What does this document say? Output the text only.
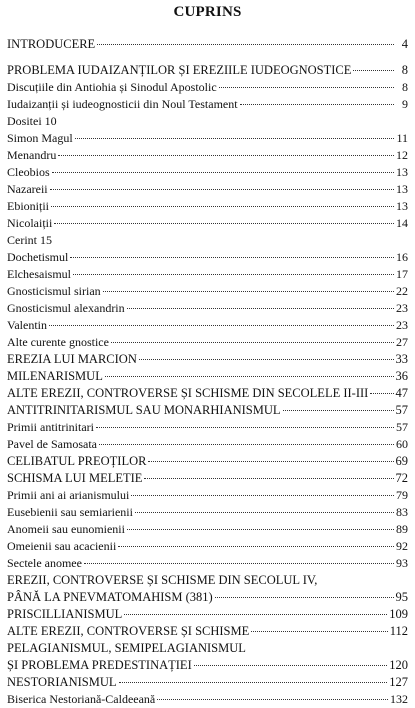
CUPRINS
INTRODUCERE	4
PROBLEMA IUDAIZANȚILOR ȘI EREZIILE IUDEOGNOSTICE	8
Discuțiile din Antiohia și Sinodul Apostolic	8
Iudaizanții și iudeognosticii din Noul Testament	9
Dositei 10
Simon Magul	11
Menandru	12
Cleobios	13
Nazareii	13
Ebioniții	13
Nicolaiții	14
Cerint 15
Dochetismul	16
Elchesaismul	17
Gnosticismul sirian	22
Gnosticismul alexandrin	23
Valentin	23
Alte curente gnostice	27
EREZIA LUI MARCION	33
MILENARISMUL	36
ALTE EREZII, CONTROVERSE ȘI SCHISME DIN SECOLELE II-III 47
ANTITRINITARISMUL SAU MONARHIANISMUL	57
Primii antitrinitari	57
Pavel de Samosata	60
CELIBATUL PREOȚILOR	69
SCHISMA LUI MELETIE	72
Primii ani ai arianismului	79
Eusebienii sau semiarienii	83
Anomeii sau eunomienii	89
Omeienii sau acacienii	92
Sectele anomee	93
EREZII, CONTROVERSE ȘI SCHISME DIN SECOLUL IV,
PÂNĂ LA PNEVMATOMAHISM (381)	95
PRISCILLIANISMUL	109
ALTE EREZII, CONTROVERSE ȘI SCHISME	112
PELAGIANISMUL, SEMIPELAGIANISMUL
ȘI PROBLEMA PREDESTINAȚIEI	120
NESTORIANISMUL	127
Biserica Nestoriană-Caldeeană	132
